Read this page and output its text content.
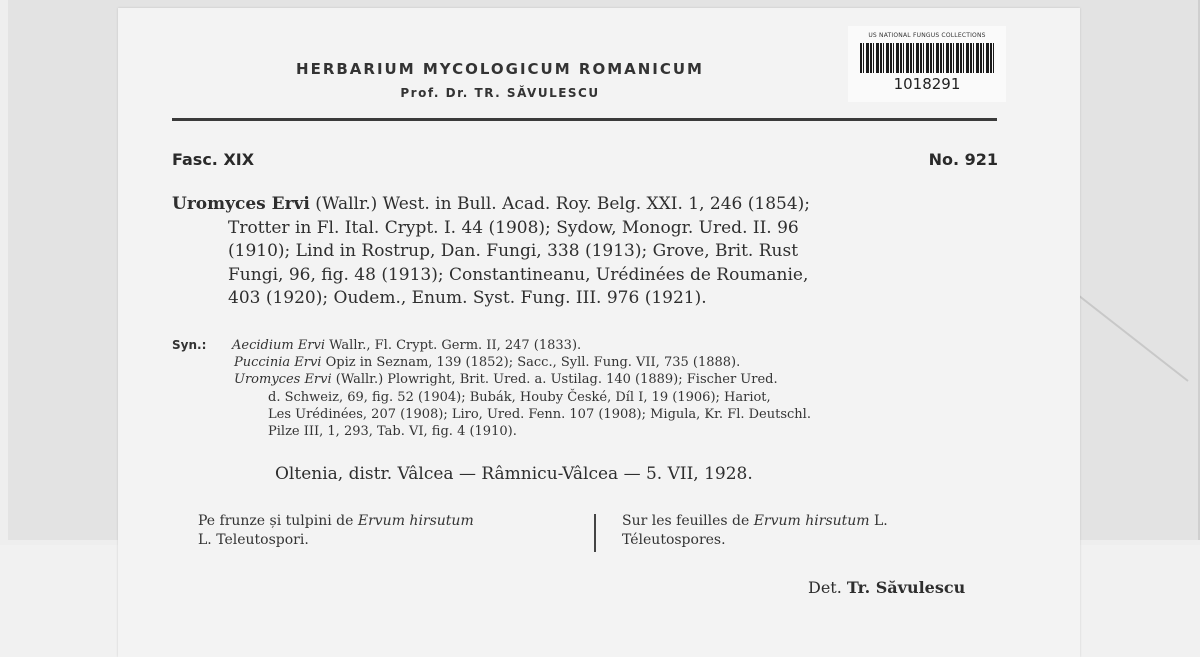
US NATIONAL FUNGUS COLLECTIONS
1018291
HERBARIUM MYCOLOGICUM ROMANICUM
Prof. Dr. TR. SĂVULESCU
Fasc. XIX	No. 921
Uromyces Ervi (Wallr.) West. in Bull. Acad. Roy. Belg. XXI. 1, 246 (1854);
Trotter in Fl. Ital. Crypt. I. 44 (1908); Sydow, Monogr. Ured. II. 96
(1910); Lind in Rostrup, Dan. Fungi, 338 (1913); Grove, Brit. Rust
Fungi, 96, fig. 48 (1913); Constantineanu, Urédinées de Roumanie,
403 (1920); Oudem., Enum. Syst. Fung. III. 976 (1921).
Syn.: Aecidium Ervi Wallr., Fl. Crypt. Germ. II, 247 (1833).
Puccinia Ervi Opiz in Seznam, 139 (1852); Sacc., Syll. Fung. VII, 735 (1888).
Uromyces Ervi (Wallr.) Plowright, Brit. Ured. a. Ustilag. 140 (1889); Fischer Ured.
d. Schweiz, 69, fig. 52 (1904); Bubák, Houby České, Díl I, 19 (1906); Hariot,
Les Urédinées, 207 (1908); Liro, Ured. Fenn. 107 (1908); Migula, Kr. Fl. Deutschl.
Pilze III, 1, 293, Tab. VI, fig. 4 (1910).
Oltenia, distr. Vâlcea — Râmnicu-Vâlcea — 5. VII, 1928.
Pe frunze și tulpini de Ervum hirsutum
L. Teleutospori.
Sur les feuilles de Ervum hirsutum L.
Téleutospores.
Det. Tr. Săvulescu
